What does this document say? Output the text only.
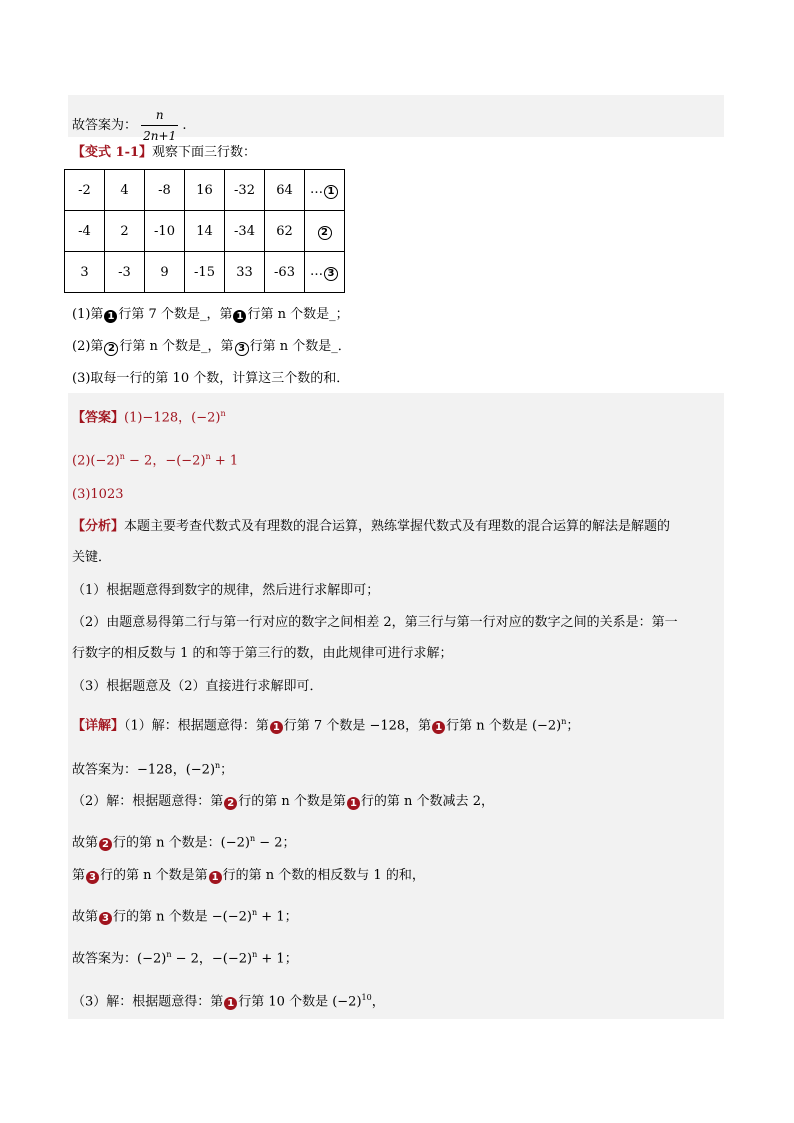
故答案为： $\frac{n}{2n+1}$ .
【变式 1-1】观察下面三行数：
-2	4	-8	16	-32	64	… 1
-4	2	-10	14	-34	62	2
3	-3	9	-15	33	-63	… 3
(1)第 1 行第 7 个数是_，第 1 行第 n 个数是_；
(2)第 2 行第 n 个数是_，第 3 行第 n 个数是_．
(3)取每一行的第 10 个数，计算这三个数的和．
【答案】(1)−128，$(-2)^n$
$(2)(-2)^n - 2$，$-(-2)^n + 1$
(3)1023
【分析】本题主要考查代数式及有理数的混合运算，熟练掌握代数式及有理数的混合运算的解法是解题的
关键．
（1）根据题意得到数字的规律，然后进行求解即可；
（2）由题意易得第二行与第一行对应的数字之间相差 2，第三行与第一行对应的数字之间的关系是：第一
行数字的相反数与 1 的和等于第三行的数，由此规律可进行求解；
（3）根据题意及（2）直接进行求解即可．
【详解】（1）解：根据题意得：第 1 行第 7 个数是 −128，第 1 行第 n 个数是 $(-2)^n$；
故答案为：−128，$(-2)^n$；
（2）解：根据题意得：第 2 行的第 n 个数是第 1 行的第 n 个数减去 2，
故第 2 行的第 n 个数是：$(-2)^n - 2$；
第 3 行的第 n 个数是第 1 行的第 n 个数的相反数与 1 的和，
故第 3 行的第 n 个数是 $-(-2)^n + 1$；
故答案为：$(-2)^n - 2$，$-(-2)^n + 1$；
（3）解：根据题意得：第 1 行第 10 个数是 $(-2)^{10}$，
